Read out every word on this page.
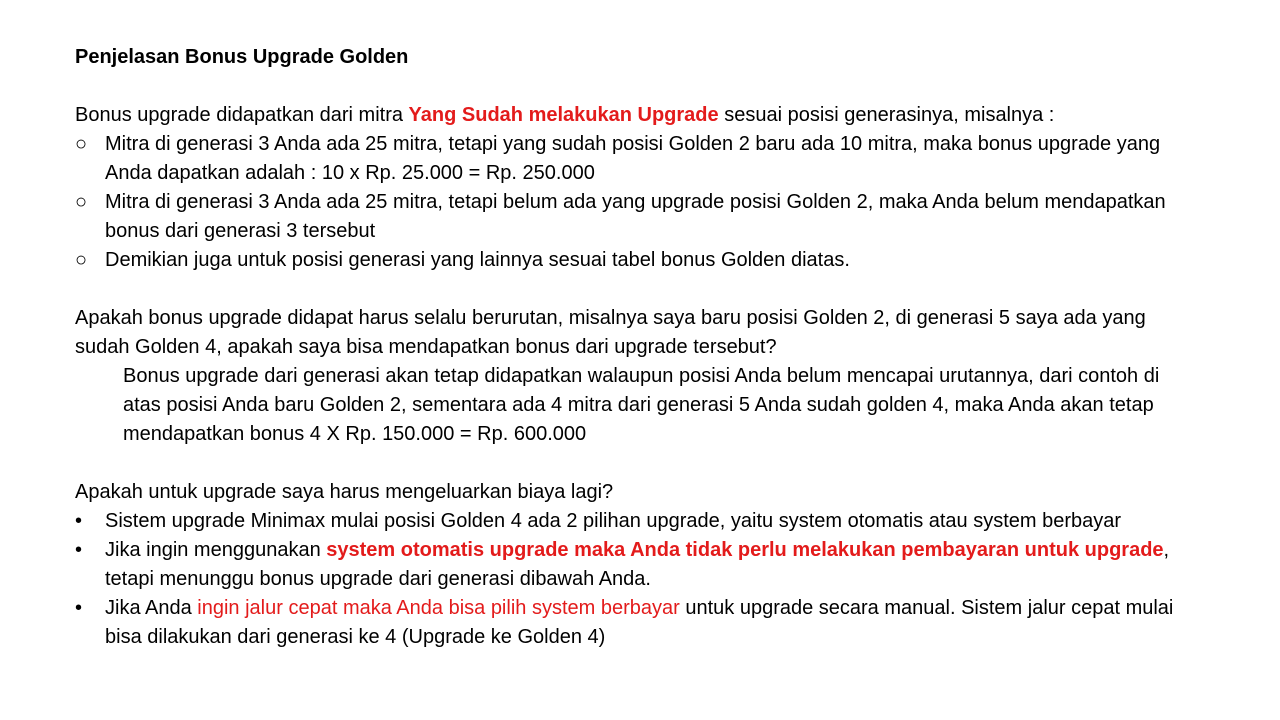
Penjelasan Bonus Upgrade Golden

Bonus upgrade didapatkan dari mitra Yang Sudah melakukan Upgrade sesuai posisi generasinya, misalnya :

○ Mitra di generasi 3 Anda ada 25 mitra, tetapi yang sudah posisi Golden 2 baru ada 10 mitra, maka bonus upgrade yang Anda dapatkan adalah : 10 x Rp. 25.000 = Rp. 250.000
○ Mitra di generasi 3 Anda ada 25 mitra, tetapi belum ada yang upgrade posisi Golden 2, maka Anda belum mendapatkan bonus dari generasi 3 tersebut
○ Demikian juga untuk posisi generasi yang lainnya sesuai tabel bonus Golden diatas.

Apakah bonus upgrade didapat harus selalu berurutan, misalnya saya baru posisi Golden 2, di generasi 5 saya ada yang sudah Golden 4, apakah saya bisa mendapatkan bonus dari upgrade tersebut?

Bonus upgrade dari generasi akan tetap didapatkan walaupun posisi Anda belum mencapai urutannya, dari contoh di atas posisi Anda baru Golden 2, sementara ada 4 mitra dari generasi 5 Anda sudah golden 4, maka Anda akan tetap mendapatkan bonus 4 X Rp. 150.000 = Rp. 600.000

Apakah untuk upgrade saya harus mengeluarkan biaya lagi?

•	Sistem upgrade Minimax mulai posisi Golden 4 ada 2 pilihan upgrade, yaitu system otomatis atau system berbayar
•	Jika ingin menggunakan system otomatis upgrade maka Anda tidak perlu melakukan pembayaran untuk upgrade, tetapi menunggu bonus upgrade dari generasi dibawah Anda.
•	Jika Anda ingin jalur cepat maka Anda bisa pilih system berbayar untuk upgrade secara manual. Sistem jalur cepat mulai bisa dilakukan dari generasi ke 4 (Upgrade ke Golden 4)
